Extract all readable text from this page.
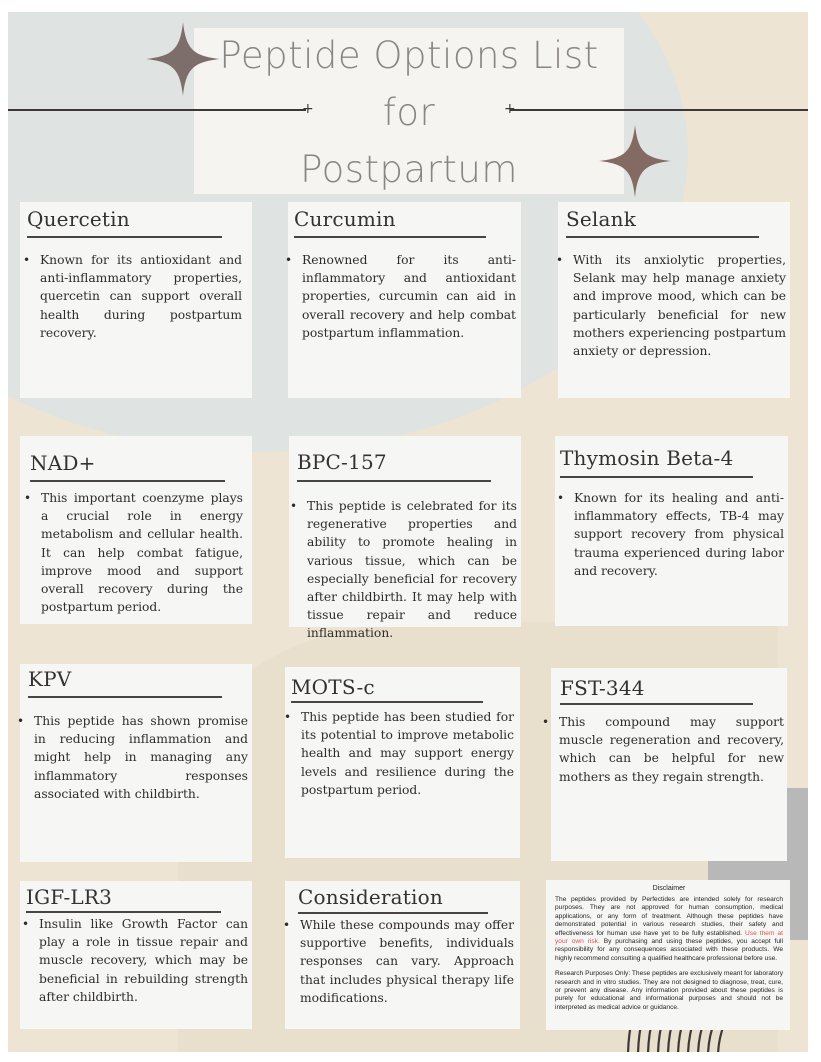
Peptide Options List
for
Postpartum
+	+
Quercetin
• Known for its antioxidant and anti-inflammatory properties, quercetin can support overall health during postpartum recovery.
Curcumin
• Renowned for its anti-inflammatory and antioxidant properties, curcumin can aid in overall recovery and help combat postpartum inflammation.
Selank
• With its anxiolytic properties, Selank may help manage anxiety and improve mood, which can be particularly beneficial for new mothers experiencing postpartum anxiety or depression.
NAD+
• This important coenzyme plays a crucial role in energy metabolism and cellular health. It can help combat fatigue, improve mood and support overall recovery during the postpartum period.
BPC-157
• This peptide is celebrated for its regenerative properties and ability to promote healing in various tissue, which can be especially beneficial for recovery after childbirth. It may help with tissue repair and reduce inflammation.
Thymosin Beta-4
• Known for its healing and anti-inflammatory effects, TB-4 may support recovery from physical trauma experienced during labor and recovery.
KPV
• This peptide has shown promise in reducing inflammation and might help in managing any inflammatory responses associated with childbirth.
MOTS-c
• This peptide has been studied for its potential to improve metabolic health and may support energy levels and resilience during the postpartum period.
FST-344
• This compound may support muscle regeneration and recovery, which can be helpful for new mothers as they regain strength.
IGF-LR3
• Insulin like Growth Factor can play a role in tissue repair and muscle recovery, which may be beneficial in rebuilding strength after childbirth.
Consideration
• While these compounds may offer supportive benefits, individuals responses can vary. Approach that includes physical therapy life modifications.
Disclaimer
The peptides provided by Perfectides are intended solely for research purposes. They are not approved for human consumption, medical applications, or any form of treatment. Although these peptides have demonstrated potential in various research studies, their safety and effectiveness for human use have yet to be fully established. Use them at your own risk. By purchasing and using these peptides, you accept full responsibility for any consequences associated with these products. We highly recommend consulting a qualified healthcare professional before use.
Research Purposes Only: These peptides are exclusively meant for laboratory research and in vitro studies. They are not designed to diagnose, treat, cure, or prevent any disease. Any information provided about these peptides is purely for educational and informational purposes and should not be interpreted as medical advice or guidance.
